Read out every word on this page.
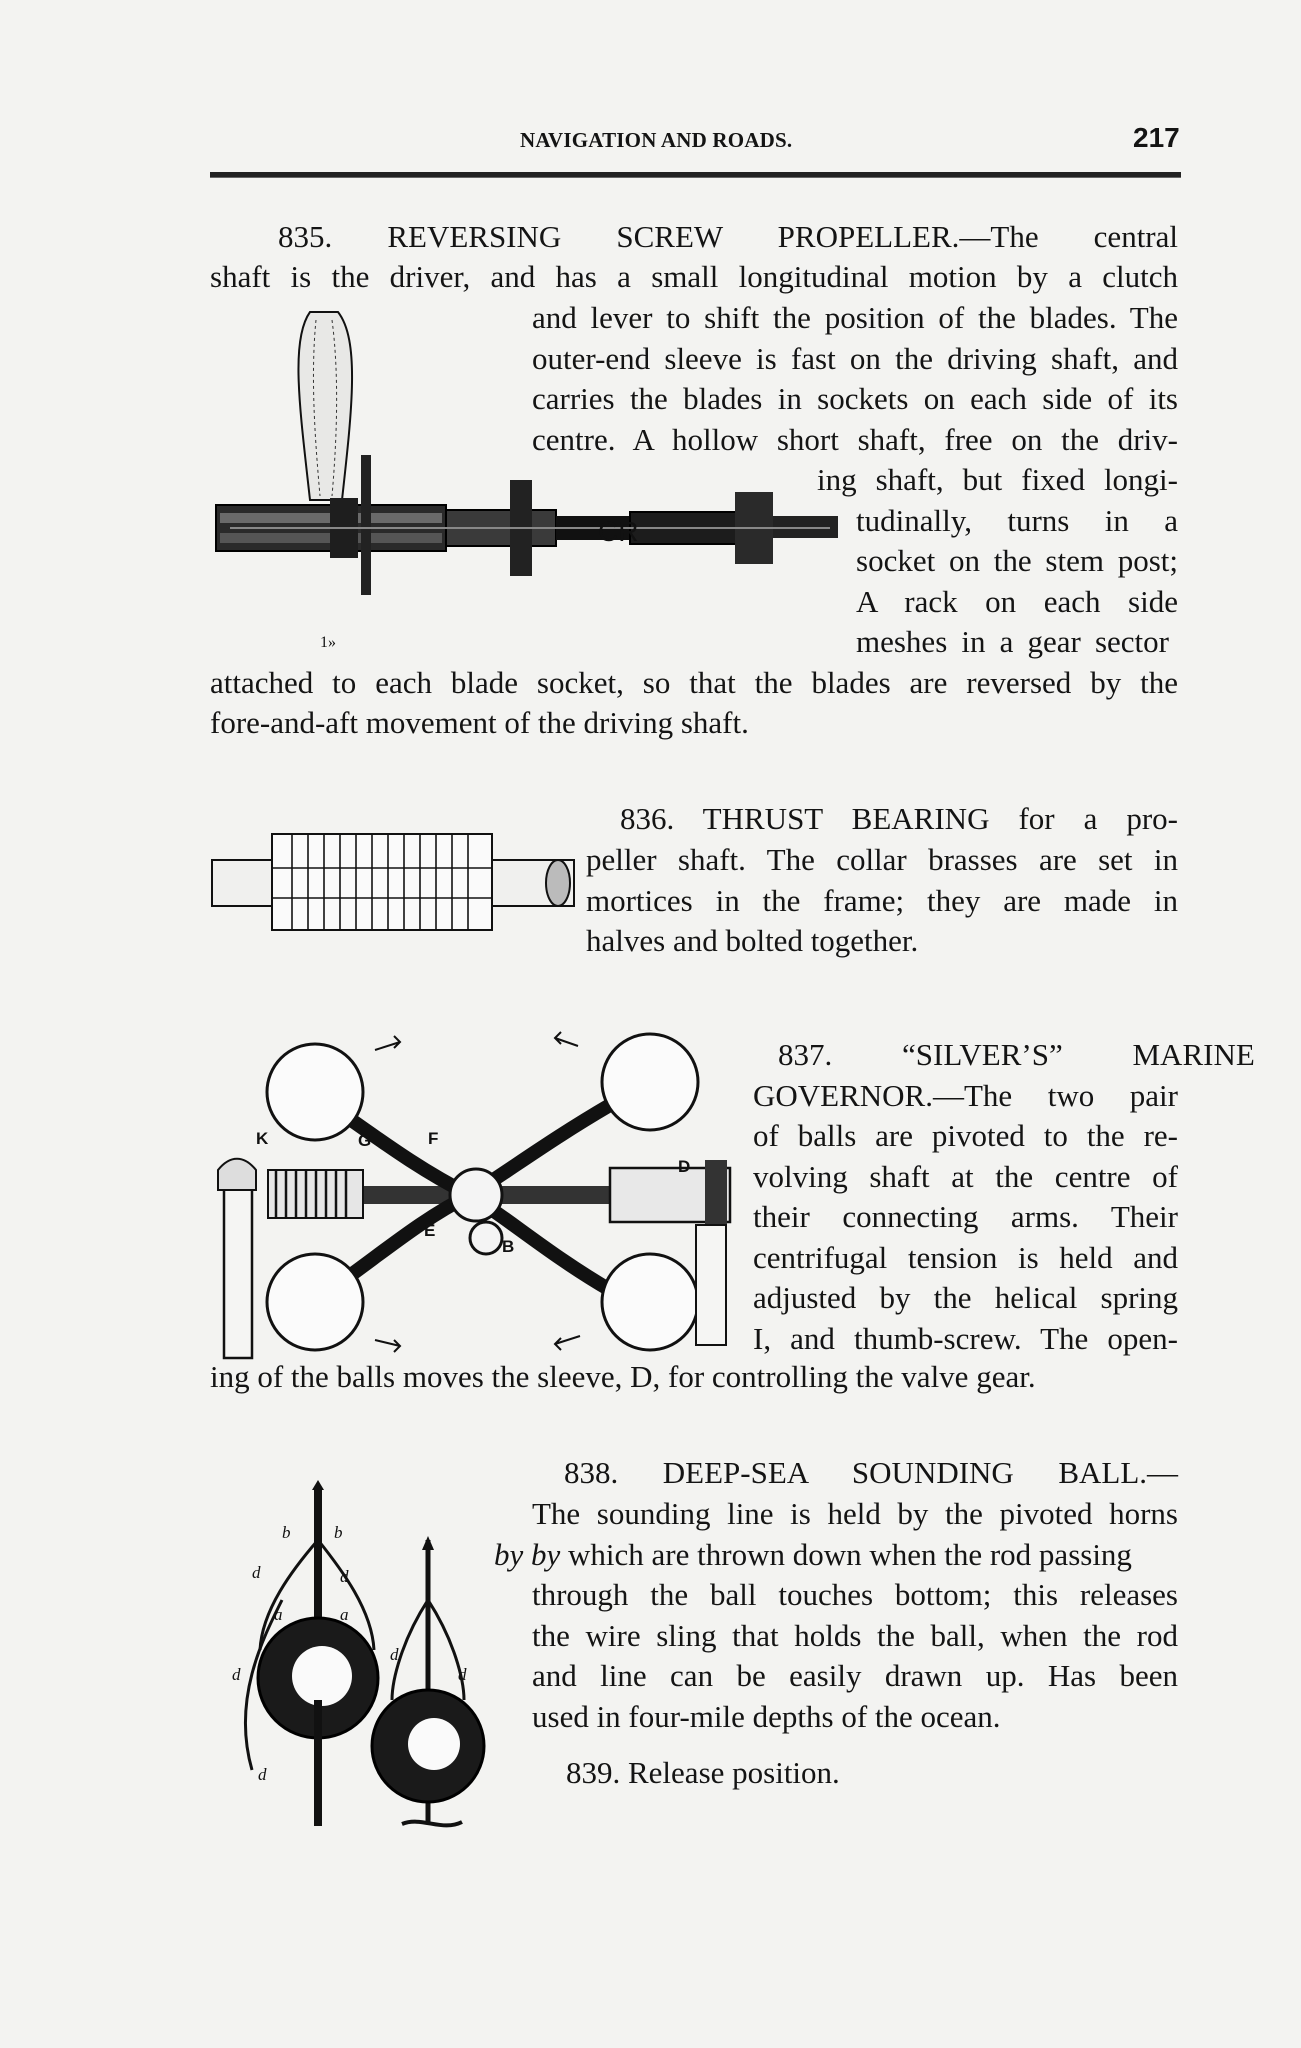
NAVIGATION AND ROADS.	217
835. REVERSING SCREW PROPELLER.—The central
shaft is the driver, and has a small longitudinal motion by a clutch
and lever to shift the position of the blades. The
outer-end sleeve is fast on the driving shaft, and
carries the blades in sockets on each side of its
centre. A hollow short shaft, free on the driv-
ing shaft, but fixed longi-
tudinally, turns in a
socket on the stem post;
A rack on each side
meshes in a gear sector
attached to each blade socket, so that the blades are reversed by the
fore-and-aft movement of the driving shaft.
CR
1»
836. THRUST BEARING for a pro-
peller shaft. The collar brasses are set in
mortices in the frame; they are made in
halves and bolted together.
837. “SILVER’S” MARINE
GOVERNOR.—The two pair
of balls are pivoted to the re-
volving shaft at the centre of
their connecting arms. Their
centrifugal tension is held and
adjusted by the helical spring
I, and thumb-screw. The open-
ing of the balls moves the sleeve, D, for controlling the valve gear.
K	G	F
E
B
D
838. DEEP-SEA SOUNDING BALL.—
The sounding line is held by the pivoted horns
by by which are thrown down when the rod passing
through the ball touches bottom; this releases
the wire sling that holds the ball, when the rod
and line can be easily drawn up. Has been
used in four-mile depths of the ocean.
839. Release position.
b	b
d	d
a	a
d
d
d
d
